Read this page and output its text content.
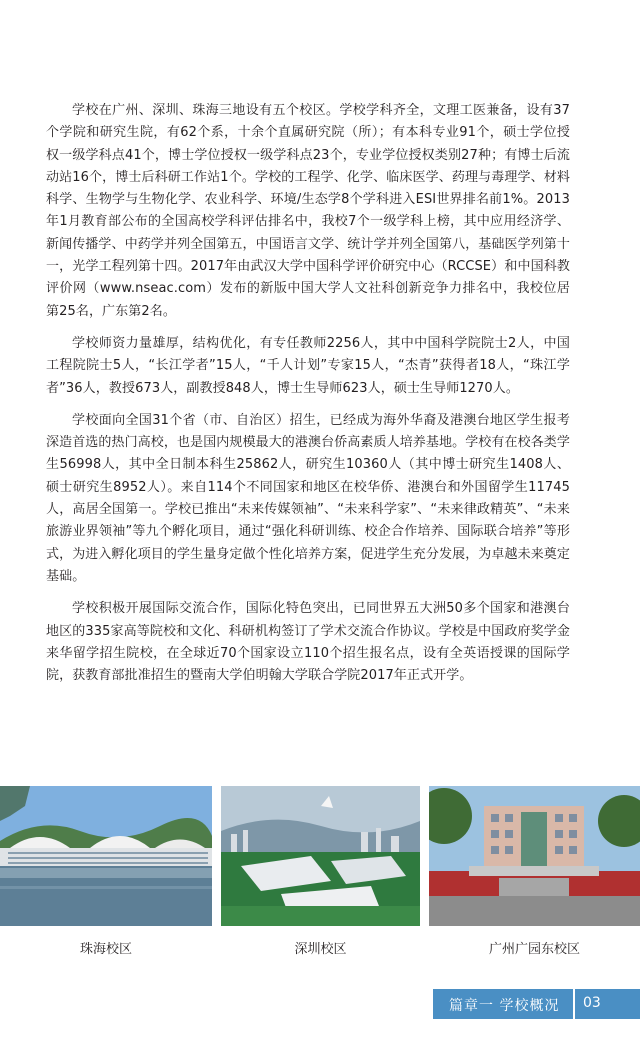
学校在广州、深圳、珠海三地设有五个校区。学校学科齐全，文理工医兼备，设有37个学院和研究生院，有62个系，十余个直属研究院（所）；有本科专业91个，硕士学位授权一级学科点41个，博士学位授权一级学科点23个，专业学位授权类别27种；有博士后流动站16个，博士后科研工作站1个。学校的工程学、化学、临床医学、药理与毒理学、材料科学、生物学与生物化学、农业科学、环境/生态学8个学科进入ESI世界排名前1%。2013年1月教育部公布的全国高校学科评估排名中，我校7个一级学科上榜，其中应用经济学、新闻传播学、中药学并列全国第五，中国语言文学、统计学并列全国第八，基础医学列第十一，光学工程列第十四。2017年由武汉大学中国科学评价研究中心（RCCSE）和中国科教评价网（www.nseac.com）发布的新版中国大学人文社科创新竞争力排名中，我校位居第25名，广东第2名。

学校师资力量雄厚，结构优化，有专任教师2256人，其中中国科学院院士2人，中国工程院院士5人，“长江学者”15人，“千人计划”专家15人，“杰青”获得者18人，“珠江学者”36人，教授673人，副教授848人，博士生导师623人，硕士生导师1270人。

学校面向全国31个省（市、自治区）招生，已经成为海外华裔及港澳台地区学生报考深造首选的热门高校，也是国内规模最大的港澳台侨高素质人培养基地。学校有在校各类学生56998人，其中全日制本科生25862人，研究生10360人（其中博士研究生1408人、硕士研究生8952人）。来自114个不同国家和地区在校华侨、港澳台和外国留学生11745人，高居全国第一。学校已推出“未来传媒领袖”、“未来科学家”、“未来律政精英”、“未来旅游业界领袖”等九个孵化项目，通过“强化科研训练、校企合作培养、国际联合培养”等形式，为进入孵化项目的学生量身定做个性化培养方案，促进学生充分发展，为卓越未来奠定基础。

学校积极开展国际交流合作，国际化特色突出，已同世界五大洲50多个国家和港澳台地区的335家高等院校和文化、科研机构签订了学术交流合作协议。学校是中国政府奖学金来华留学招生院校，在全球近70个国家设立110个招生报名点，设有全英语授课的国际学院，获教育部批准招生的暨南大学伯明翰大学联合学院2017年正式开学。

珠海校区	深圳校区	广州广园东校区
篇章一 学校概况 03
